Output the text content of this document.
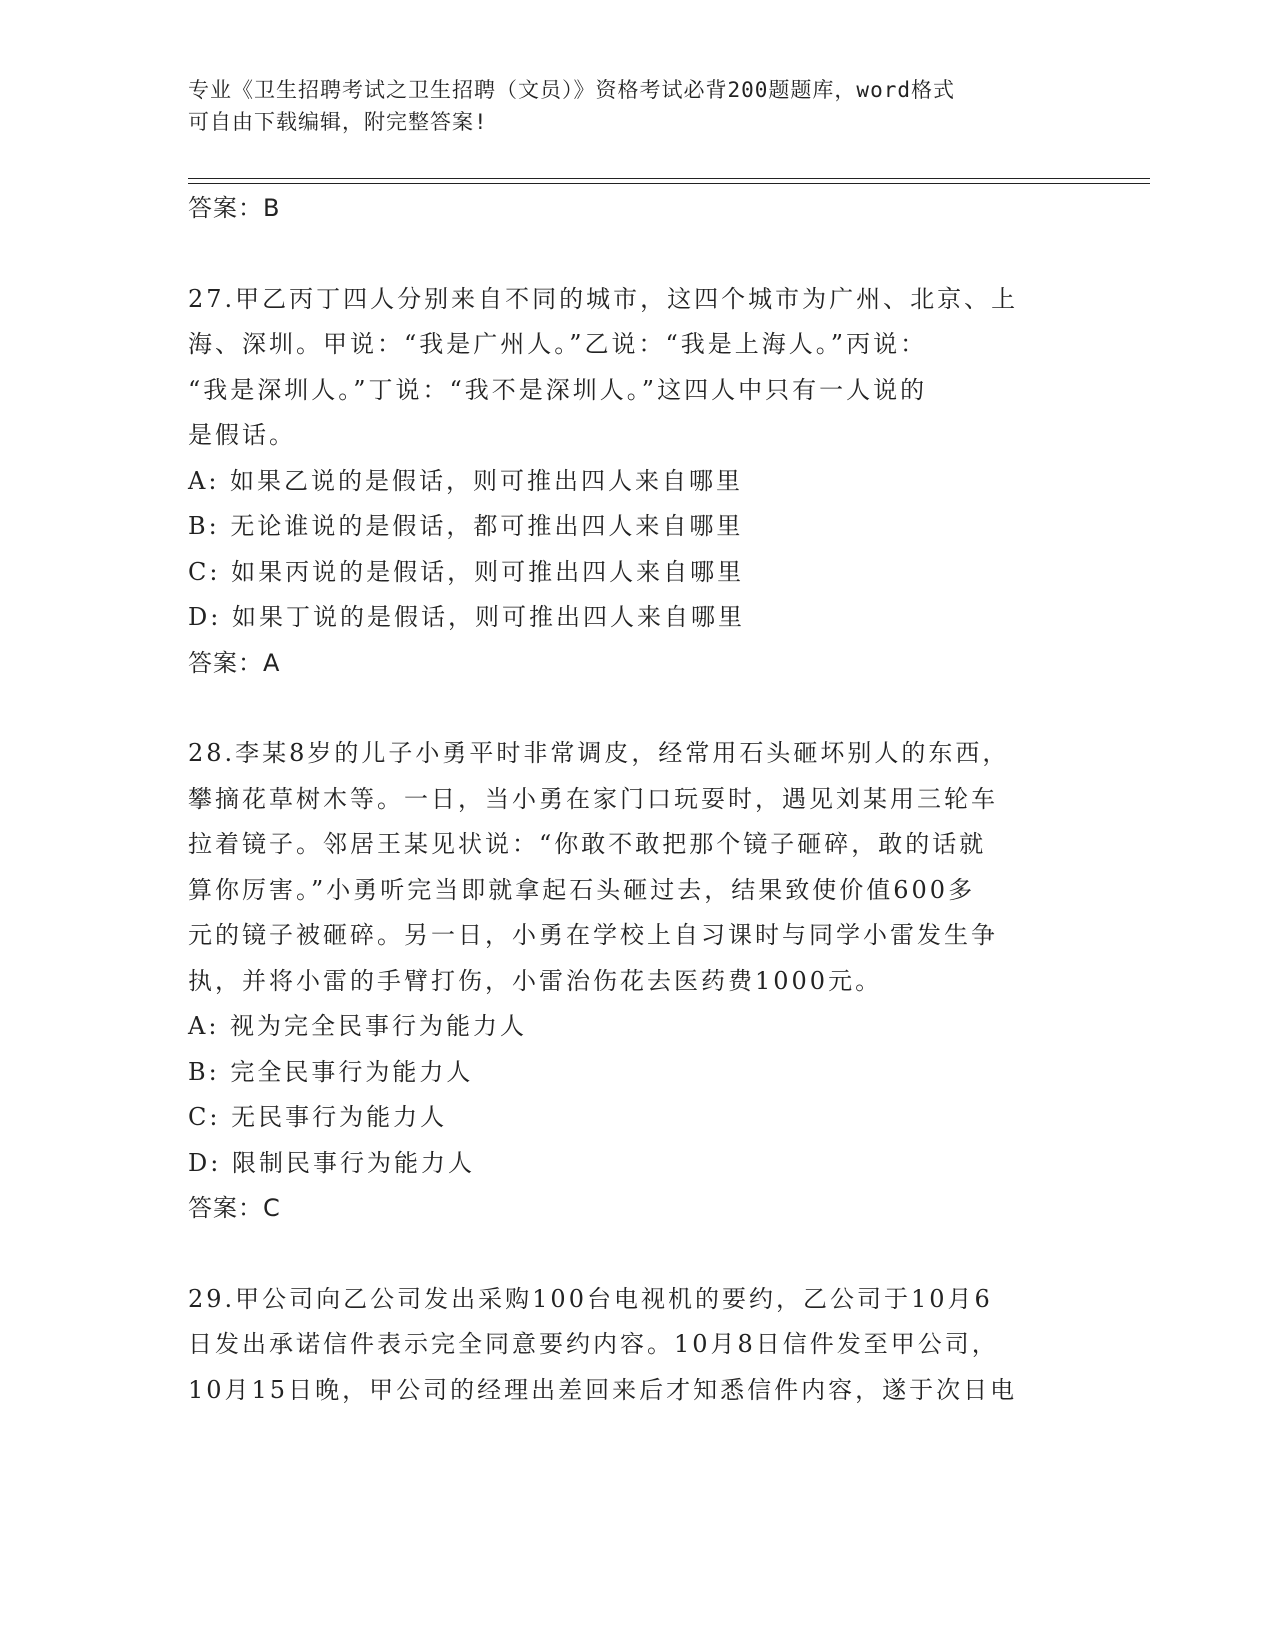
专业《卫生招聘考试之卫生招聘（文员）》资格考试必背200题题库，word格式
可自由下载编辑，附完整答案!
答案：B
27.甲乙丙丁四人分别来自不同的城市，这四个城市为广州、北京、上
海、深圳。甲说：“我是广州人。”乙说：“我是上海人。”丙说：
“我是深圳人。”丁说：“我不是深圳人。”这四人中只有一人说的
是假话。
A: 如果乙说的是假话，则可推出四人来自哪里
B: 无论谁说的是假话，都可推出四人来自哪里
C: 如果丙说的是假话，则可推出四人来自哪里
D: 如果丁说的是假话，则可推出四人来自哪里
答案：A
28.李某8岁的儿子小勇平时非常调皮，经常用石头砸坏别人的东西，
攀摘花草树木等。一日，当小勇在家门口玩耍时，遇见刘某用三轮车
拉着镜子。邻居王某见状说：“你敢不敢把那个镜子砸碎，敢的话就
算你厉害。”小勇听完当即就拿起石头砸过去，结果致使价值600多
元的镜子被砸碎。另一日，小勇在学校上自习课时与同学小雷发生争
执，并将小雷的手臂打伤，小雷治伤花去医药费1000元。
A: 视为完全民事行为能力人
B: 完全民事行为能力人
C: 无民事行为能力人
D: 限制民事行为能力人
答案：C
29.甲公司向乙公司发出采购100台电视机的要约，乙公司于10月6
日发出承诺信件表示完全同意要约内容。10月8日信件发至甲公司，
10月15日晚，甲公司的经理出差回来后才知悉信件内容，遂于次日电
